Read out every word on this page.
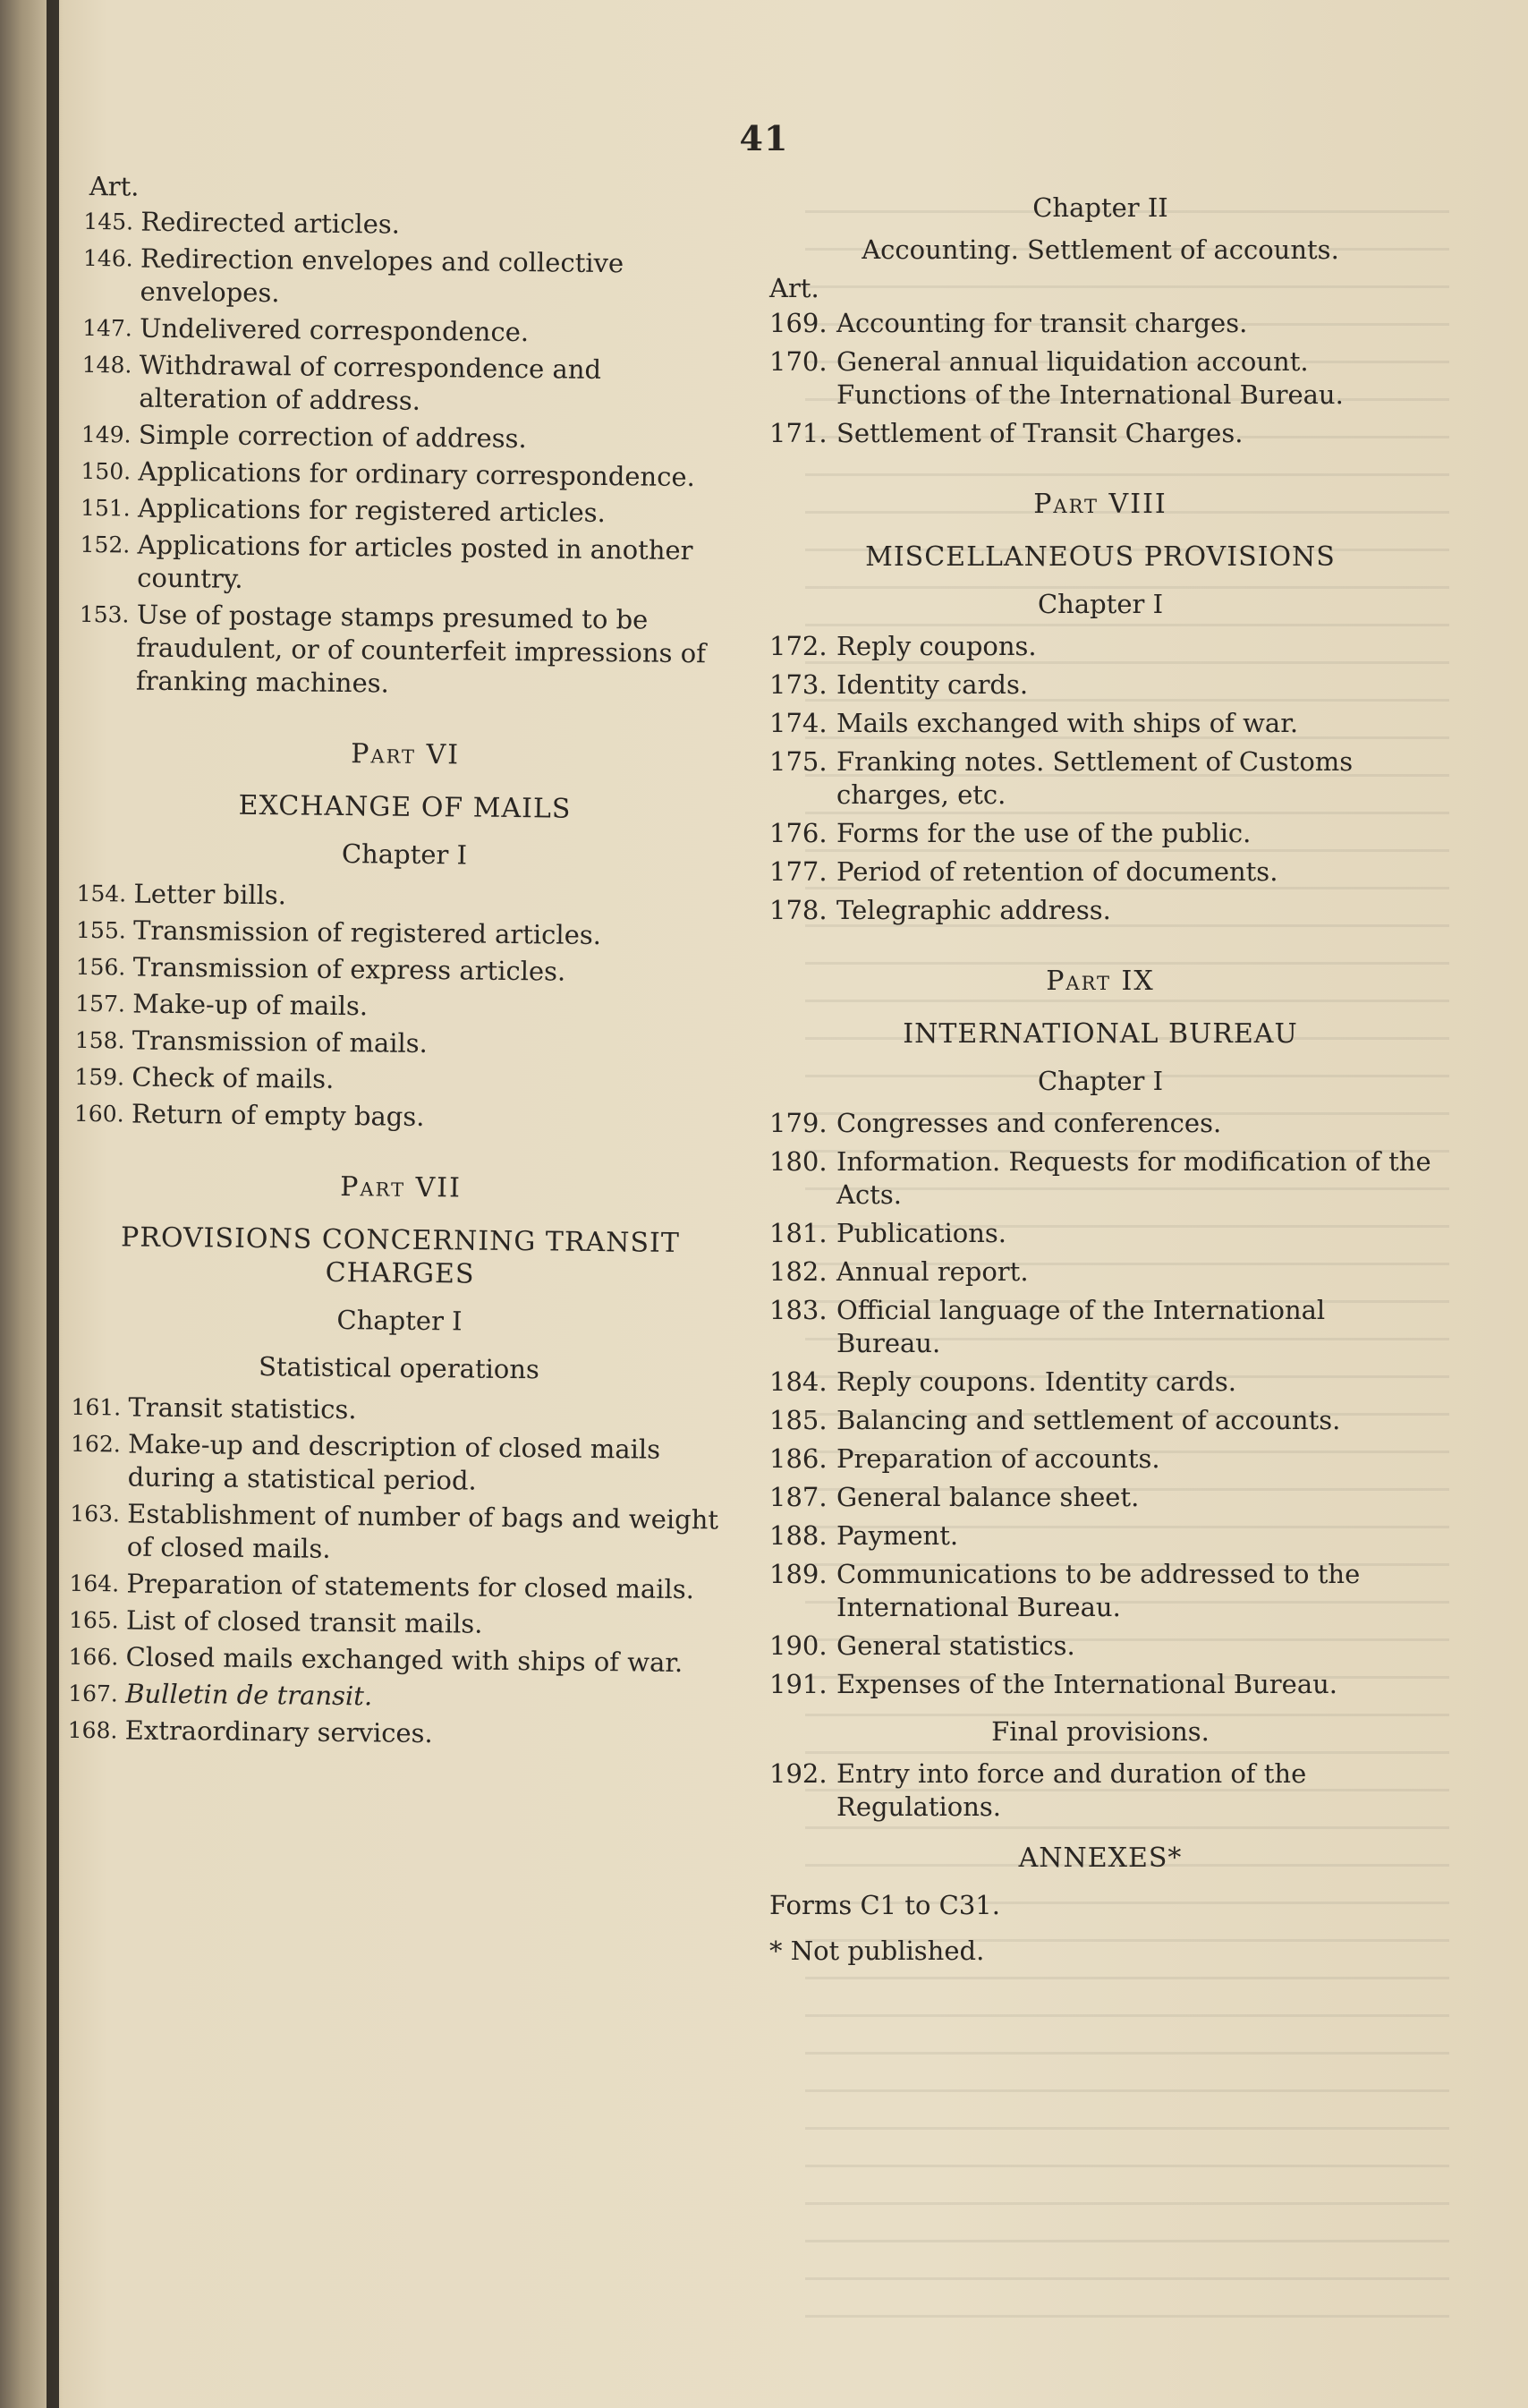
41
Art.

145. Redirected articles.

146. Redirection envelopes and collective envelopes.

147. Undelivered correspondence.

148. Withdrawal of correspondence and alteration of address.

149. Simple correction of address.

150. Applications for ordinary correspondence.

151. Applications for registered articles.

152. Applications for articles posted in another country.

153. Use of postage stamps presumed to be fraudulent, or of counterfeit impressions of franking machines.

Part VI
EXCHANGE OF MAILS
Chapter I

154. Letter bills.

155. Transmission of registered articles.

156. Transmission of express articles.

157. Make-up of mails.

158. Transmission of mails.

159. Check of mails.

160. Return of empty bags.

Part VII
PROVISIONS CONCERNING TRANSIT CHARGES
Chapter I
Statistical operations

161. Transit statistics.

162. Make-up and description of closed mails during a statistical period.

163. Establishment of number of bags and weight of closed mails.

164. Preparation of statements for closed mails.

165. List of closed transit mails.

166. Closed mails exchanged with ships of war.

167. Bulletin de transit.

168. Extraordinary services.

Chapter II
Accounting. Settlement of accounts.
Art.

169. Accounting for transit charges.

170. General annual liquidation account. Functions of the International Bureau.

171. Settlement of Transit Charges.

Part VIII
MISCELLANEOUS PROVISIONS
Chapter I

172. Reply coupons.

173. Identity cards.

174. Mails exchanged with ships of war.

175. Franking notes. Settlement of Customs charges, etc.

176. Forms for the use of the public.

177. Period of retention of documents.

178. Telegraphic address.

Part IX
INTERNATIONAL BUREAU
Chapter I

179. Congresses and conferences.

180. Information. Requests for modification of the Acts.

181. Publications.

182. Annual report.

183. Official language of the International Bureau.

184. Reply coupons. Identity cards.

185. Balancing and settlement of accounts.

186. Preparation of accounts.

187. General balance sheet.

188. Payment.

189. Communications to be addressed to the International Bureau.

190. General statistics.

191. Expenses of the International Bureau.

Final provisions.

192. Entry into force and duration of the Regulations.

ANNEXES*
Forms C1 to C31.
* Not published.
